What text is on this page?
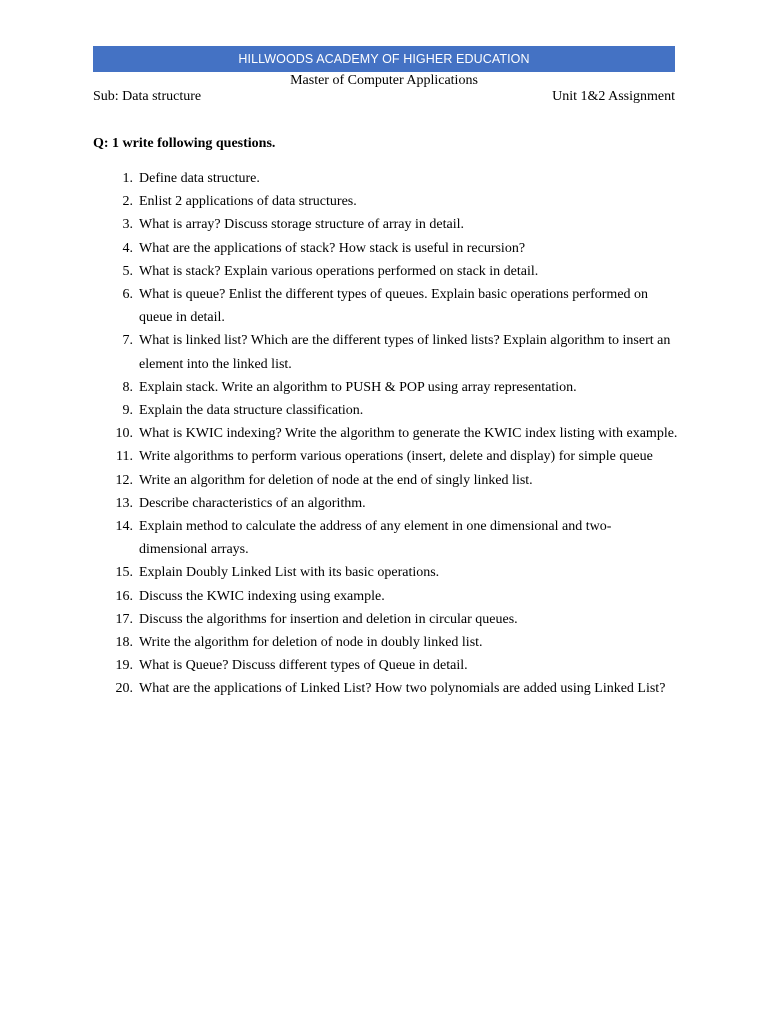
HILLWOODS ACADEMY OF HIGHER EDUCATION
Master of Computer Applications
Sub: Data structure	Unit 1&2 Assignment
Q: 1 write following questions.
1. Define data structure.
2. Enlist 2 applications of data structures.
3. What is array? Discuss storage structure of array in detail.
4. What are the applications of stack? How stack is useful in recursion?
5. What is stack? Explain various operations performed on stack in detail.
6. What is queue? Enlist the different types of queues. Explain basic operations performed on queue in detail.
7. What is linked list? Which are the different types of linked lists? Explain algorithm to insert an element into the linked list.
8. Explain stack. Write an algorithm to PUSH & POP using array representation.
9. Explain the data structure classification.
10. What is KWIC indexing? Write the algorithm to generate the KWIC index listing with example.
11. Write algorithms to perform various operations (insert, delete and display) for simple queue
12. Write an algorithm for deletion of node at the end of singly linked list.
13. Describe characteristics of an algorithm.
14. Explain method to calculate the address of any element in one dimensional and two-dimensional arrays.
15. Explain Doubly Linked List with its basic operations.
16. Discuss the KWIC indexing using example.
17. Discuss the algorithms for insertion and deletion in circular queues.
18. Write the algorithm for deletion of node in doubly linked list.
19. What is Queue? Discuss different types of Queue in detail.
20. What are the applications of Linked List? How two polynomials are added using Linked List?
